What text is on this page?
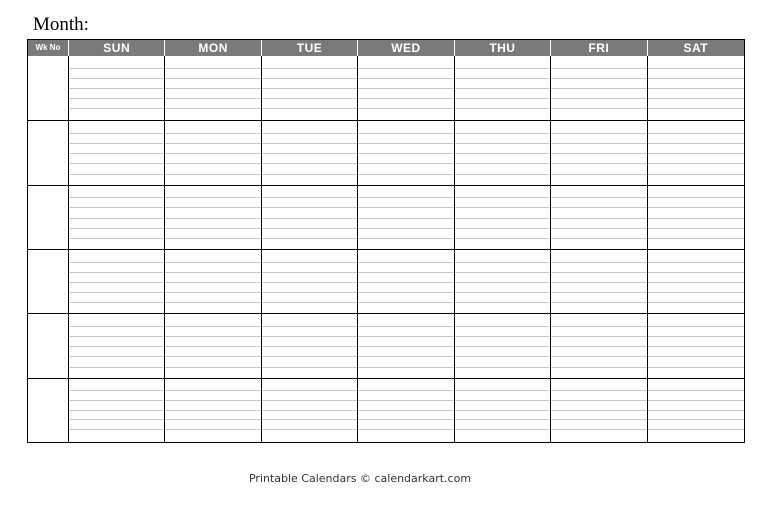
Month:
Wk No	SUN	MON	TUE	WED	THU	FRI	SAT
Printable Calendars © calendarkart.com
